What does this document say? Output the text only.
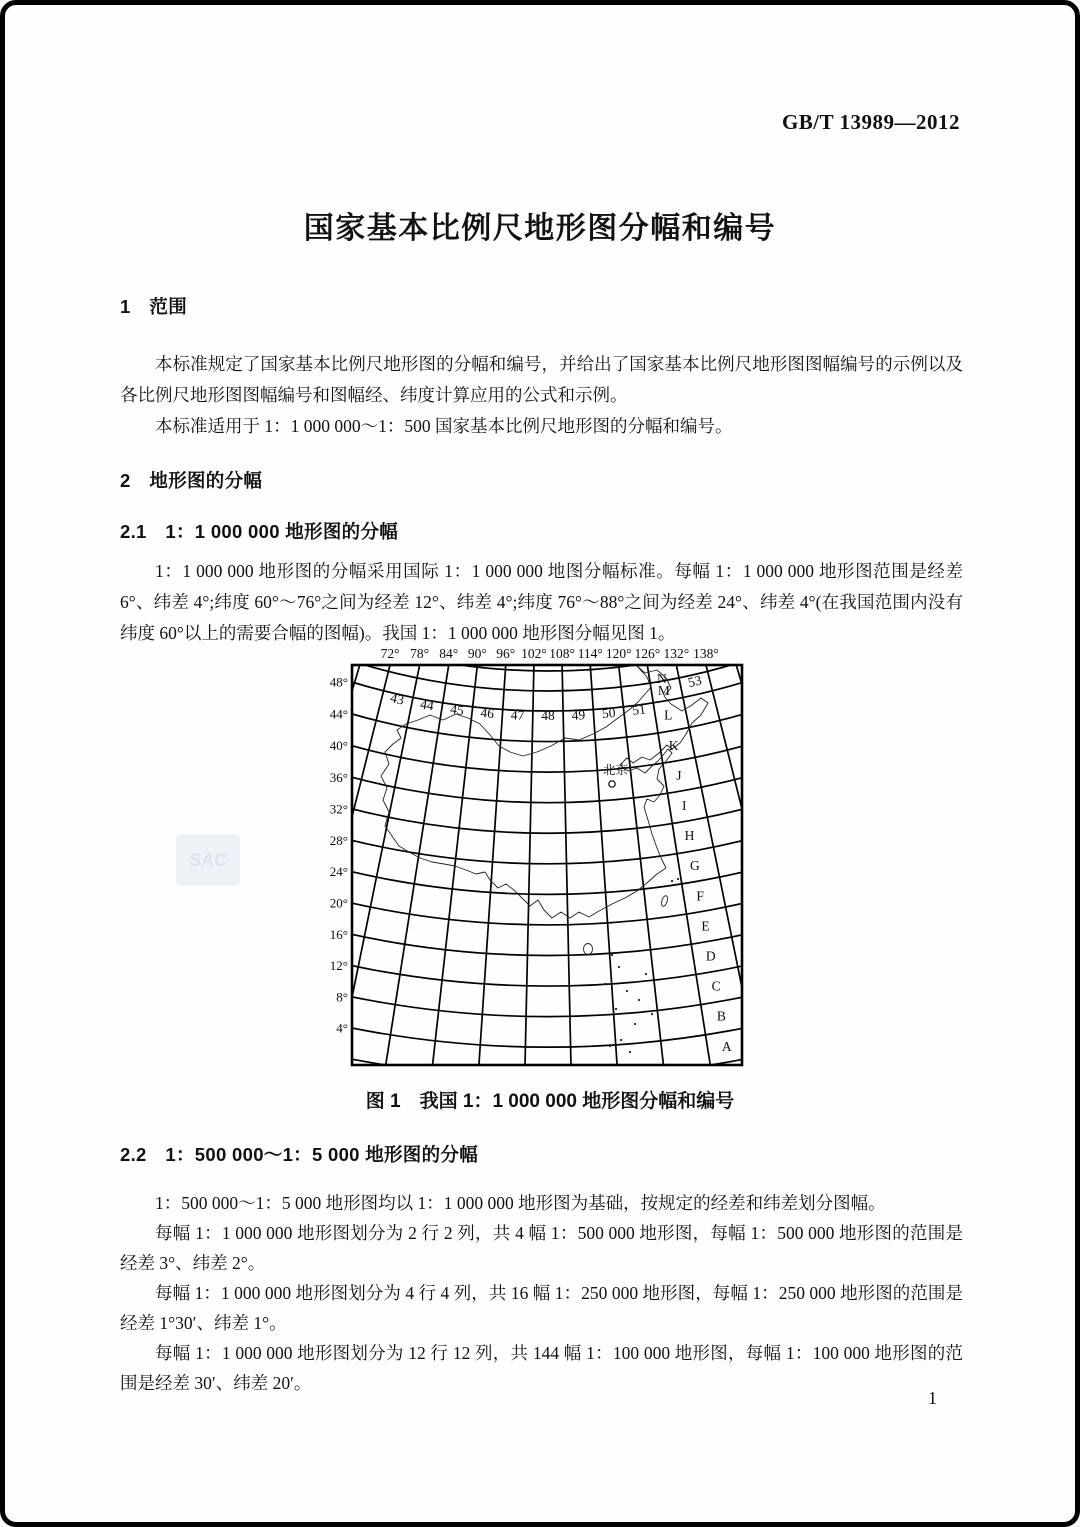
GB/T 13989—2012
国家基本比例尺地形图分幅和编号
1　范围

本标准规定了国家基本比例尺地形图的分幅和编号，并给出了国家基本比例尺地形图图幅编号的示例以及各比例尺地形图图幅编号和图幅经、纬度计算应用的公式和示例。

本标准适用于 1：1 000 000～1：500 国家基本比例尺地形图的分幅和编号。

2　地形图的分幅
2.1　1：1 000 000 地形图的分幅

1：1 000 000 地形图的分幅采用国际 1：1 000 000 地图分幅标准。每幅 1：1 000 000 地形图范围是经差 6°、纬差 4°;纬度 60°～76°之间为经差 12°、纬差 4°;纬度 76°～88°之间为经差 24°、纬差 4°(在我国范围内没有纬度 60°以上的需要合幅的图幅)。我国 1：1 000 000 地形图分幅见图 1。

SAC
72° 78° 84° 90° 96° 102° 108° 114° 120° 126° 132° 138°
48°
44°
40°
36°
32°
28°
24°
20°
16°
12°
8°
4°
43 44 45 46 47 48 49 50 51
53
A
B
C
D
E
F
G
H
I
J
K
L
M
N
北京
图 1　我国 1：1 000 000 地形图分幅和编号
2.2　1：500 000～1：5 000 地形图的分幅

1：500 000～1：5 000 地形图均以 1：1 000 000 地形图为基础，按规定的经差和纬差划分图幅。

每幅 1：1 000 000 地形图划分为 2 行 2 列，共 4 幅 1：500 000 地形图，每幅 1：500 000 地形图的范围是经差 3°、纬差 2°。

每幅 1：1 000 000 地形图划分为 4 行 4 列，共 16 幅 1：250 000 地形图，每幅 1：250 000 地形图的范围是经差 1°30′、纬差 1°。

每幅 1：1 000 000 地形图划分为 12 行 12 列，共 144 幅 1：100 000 地形图，每幅 1：100 000 地形图的范围是经差 30′、纬差 20′。

1
